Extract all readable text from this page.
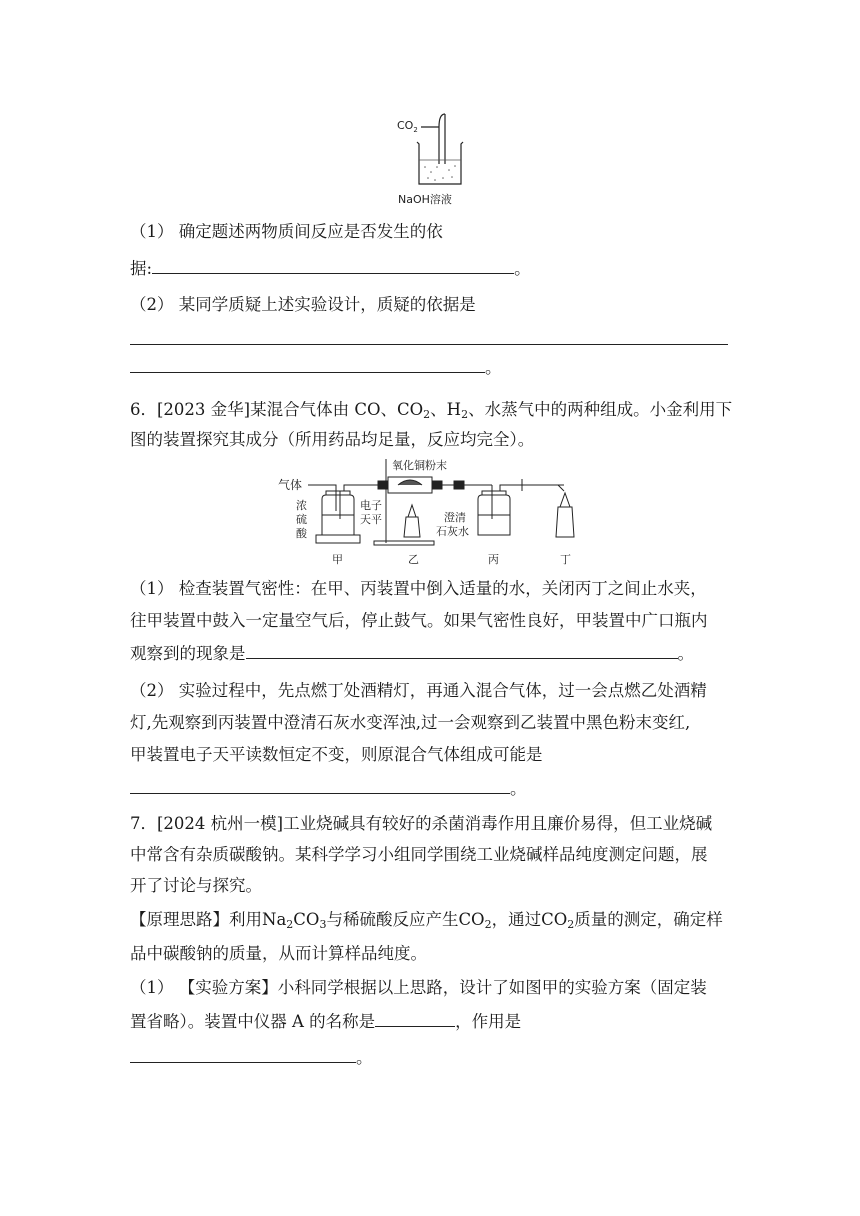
$CO_2$
NaOH溶液
（1） 确定题述两物质间反应是否发生的依
据:	。
（2） 某同学质疑上述实验设计，质疑的依据是
。
6．[2023 金华]某混合气体由 CO、$CO_2$、$H_2$、水蒸气中的两种组成。小金利用下
图的装置探究其成分（所用药品均足量，反应均完全）。
气体
氧化铜粉末
浓
硫
酸
电子
天平	澄清
石灰水
甲	乙	丙	丁
（1） 检查装置气密性：在甲、丙装置中倒入适量的水，关闭丙丁之间止水夹，
往甲装置中鼓入一定量空气后，停止鼓气。如果气密性良好，甲装置中广口瓶内
观察到的现象是	。
（2） 实验过程中，先点燃丁处酒精灯，再通入混合气体，过一会点燃乙处酒精
灯,先观察到丙装置中澄清石灰水变浑浊,过一会观察到乙装置中黑色粉末变红,
甲装置电子天平读数恒定不变，则原混合气体组成可能是
。
7．[2024 杭州一模]工业烧碱具有较好的杀菌消毒作用且廉价易得，但工业烧碱
中常含有杂质碳酸钠。某科学学习小组同学围绕工业烧碱样品纯度测定问题，展
开了讨论与探究。
【原理思路】利用$Na_2CO_3$与稀硫酸反应产生$CO_2$，通过$CO_2$质量的测定，确定样
品中碳酸钠的质量，从而计算样品纯度。
（1） 【实验方案】小科同学根据以上思路，设计了如图甲的实验方案（固定装
置省略）。装置中仪器 A 的名称是	，作用是
。
